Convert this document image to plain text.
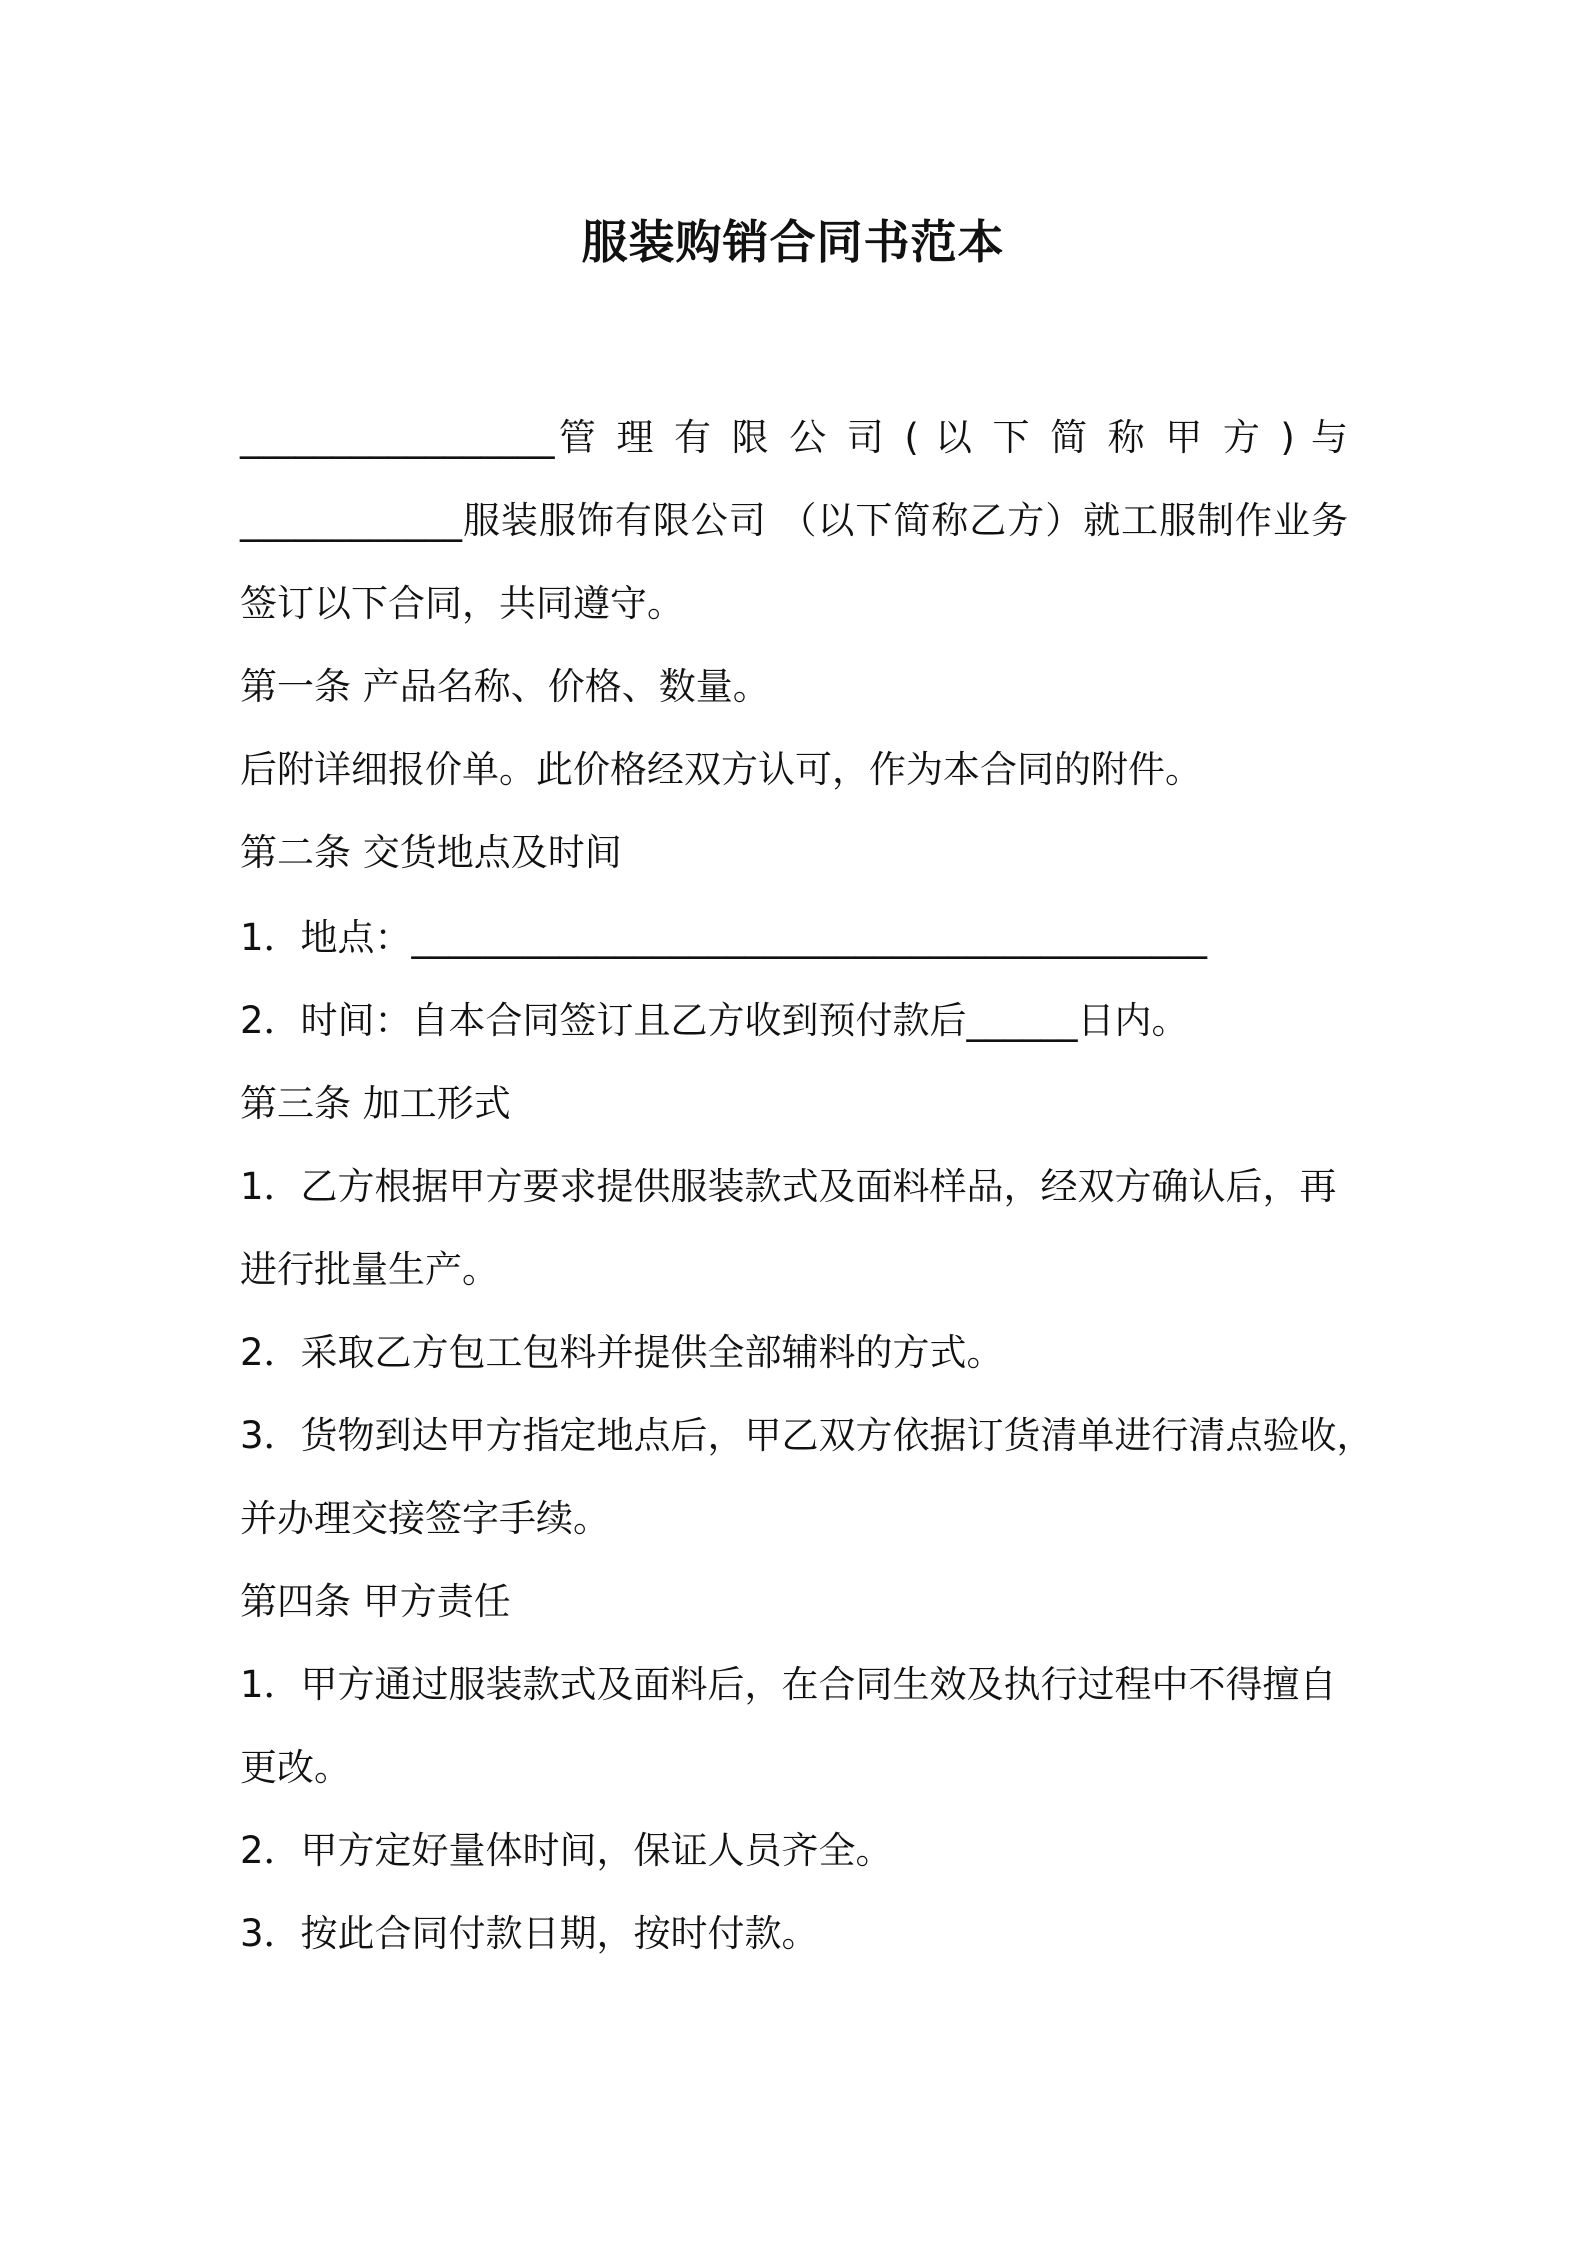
服装购销合同书范本
_________________管 理 有 限 公 司 ( 以 下 简 称 甲 方 ) 与
____________服装服饰有限公司 （以下简称乙方）就工服制作业务
签订以下合同，共同遵守。
第一条 产品名称、价格、数量。
后附详细报价单。此价格经双方认可，作为本合同的附件。
第二条 交货地点及时间
1．地点：___________________________________________
2．时间：自本合同签订且乙方收到预付款后______日内。
第三条 加工形式
1．乙方根据甲方要求提供服装款式及面料样品，经双方确认后，再
进行批量生产。
2．采取乙方包工包料并提供全部辅料的方式。
3．货物到达甲方指定地点后，甲乙双方依据订货清单进行清点验收，
并办理交接签字手续。
第四条 甲方责任
1．甲方通过服装款式及面料后，在合同生效及执行过程中不得擅自
更改。
2．甲方定好量体时间，保证人员齐全。
3．按此合同付款日期，按时付款。
